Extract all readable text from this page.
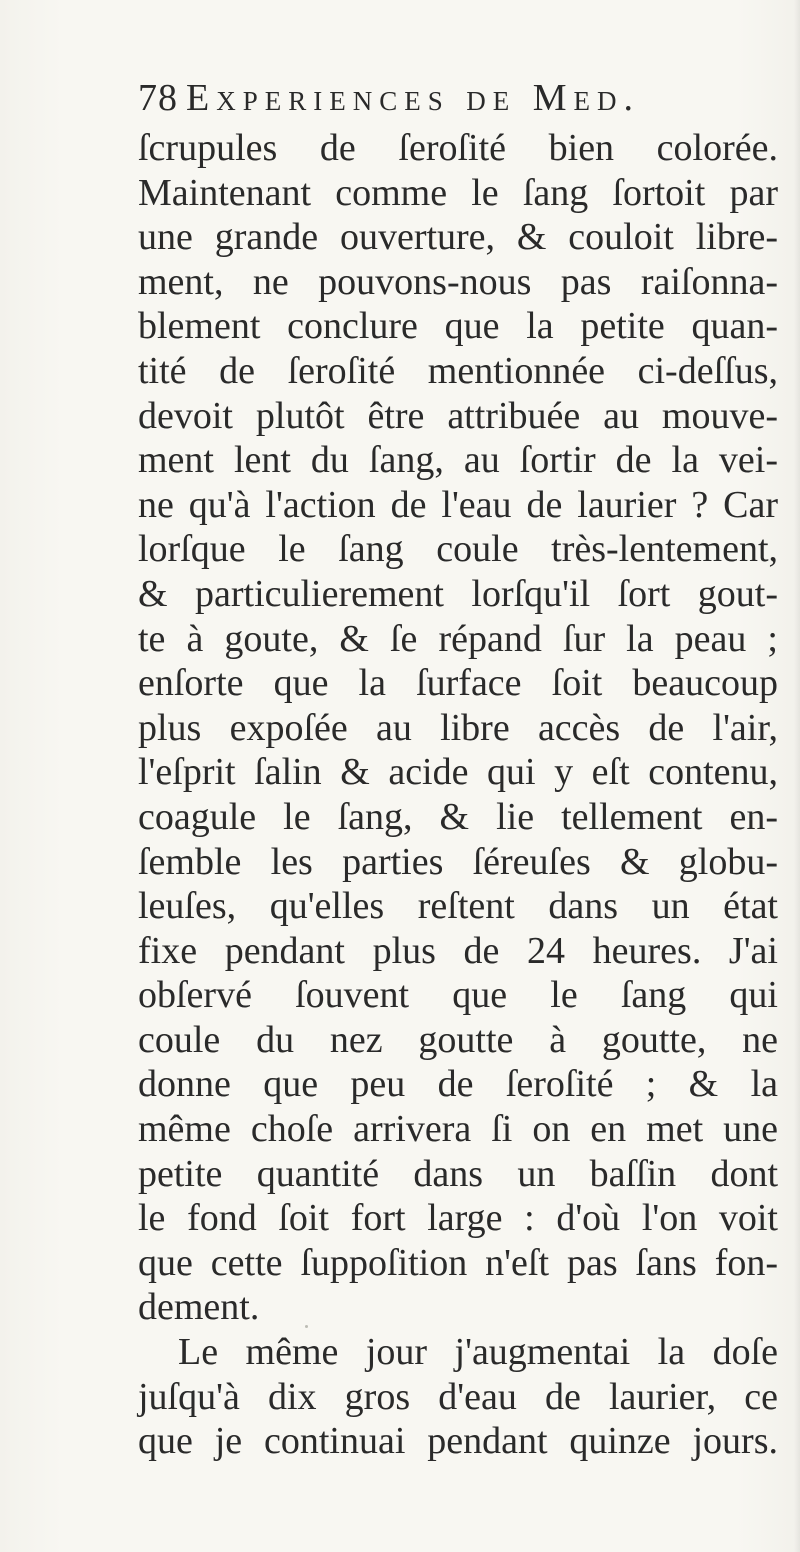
78 Experiences de Med.
ſcrupules de ſeroſité bien colorée.
Maintenant comme le ſang ſortoit par
une grande ouverture, & couloit libre-
ment, ne pouvons-nous pas raiſonna-
blement conclure que la petite quan-
tité de ſeroſité mentionnée ci-deſſus,
devoit plutôt être attribuée au mouve-
ment lent du ſang, au ſortir de la vei-
ne qu'à l'action de l'eau de laurier ? Car
lorſque le ſang coule très-lentement,
& particulierement lorſqu'il ſort gout-
te à goute, & ſe répand ſur la peau ;
enſorte que la ſurface ſoit beaucoup
plus expoſée au libre accès de l'air,
l'eſprit ſalin & acide qui y eſt contenu,
coagule le ſang, & lie tellement en-
ſemble les parties ſéreuſes & globu-
leuſes, qu'elles reſtent dans un état
fixe pendant plus de 24 heures. J'ai
obſervé ſouvent que le ſang qui
coule du nez goutte à goutte, ne
donne que peu de ſeroſité ; & la
même choſe arrivera ſi on en met une
petite quantité dans un baſſin dont
le fond ſoit fort large : d'où l'on voit
que cette ſuppoſition n'eſt pas ſans fon-
dement.
Le même jour j'augmentai la doſe
juſqu'à dix gros d'eau de laurier, ce
que je continuai pendant quinze jours.
